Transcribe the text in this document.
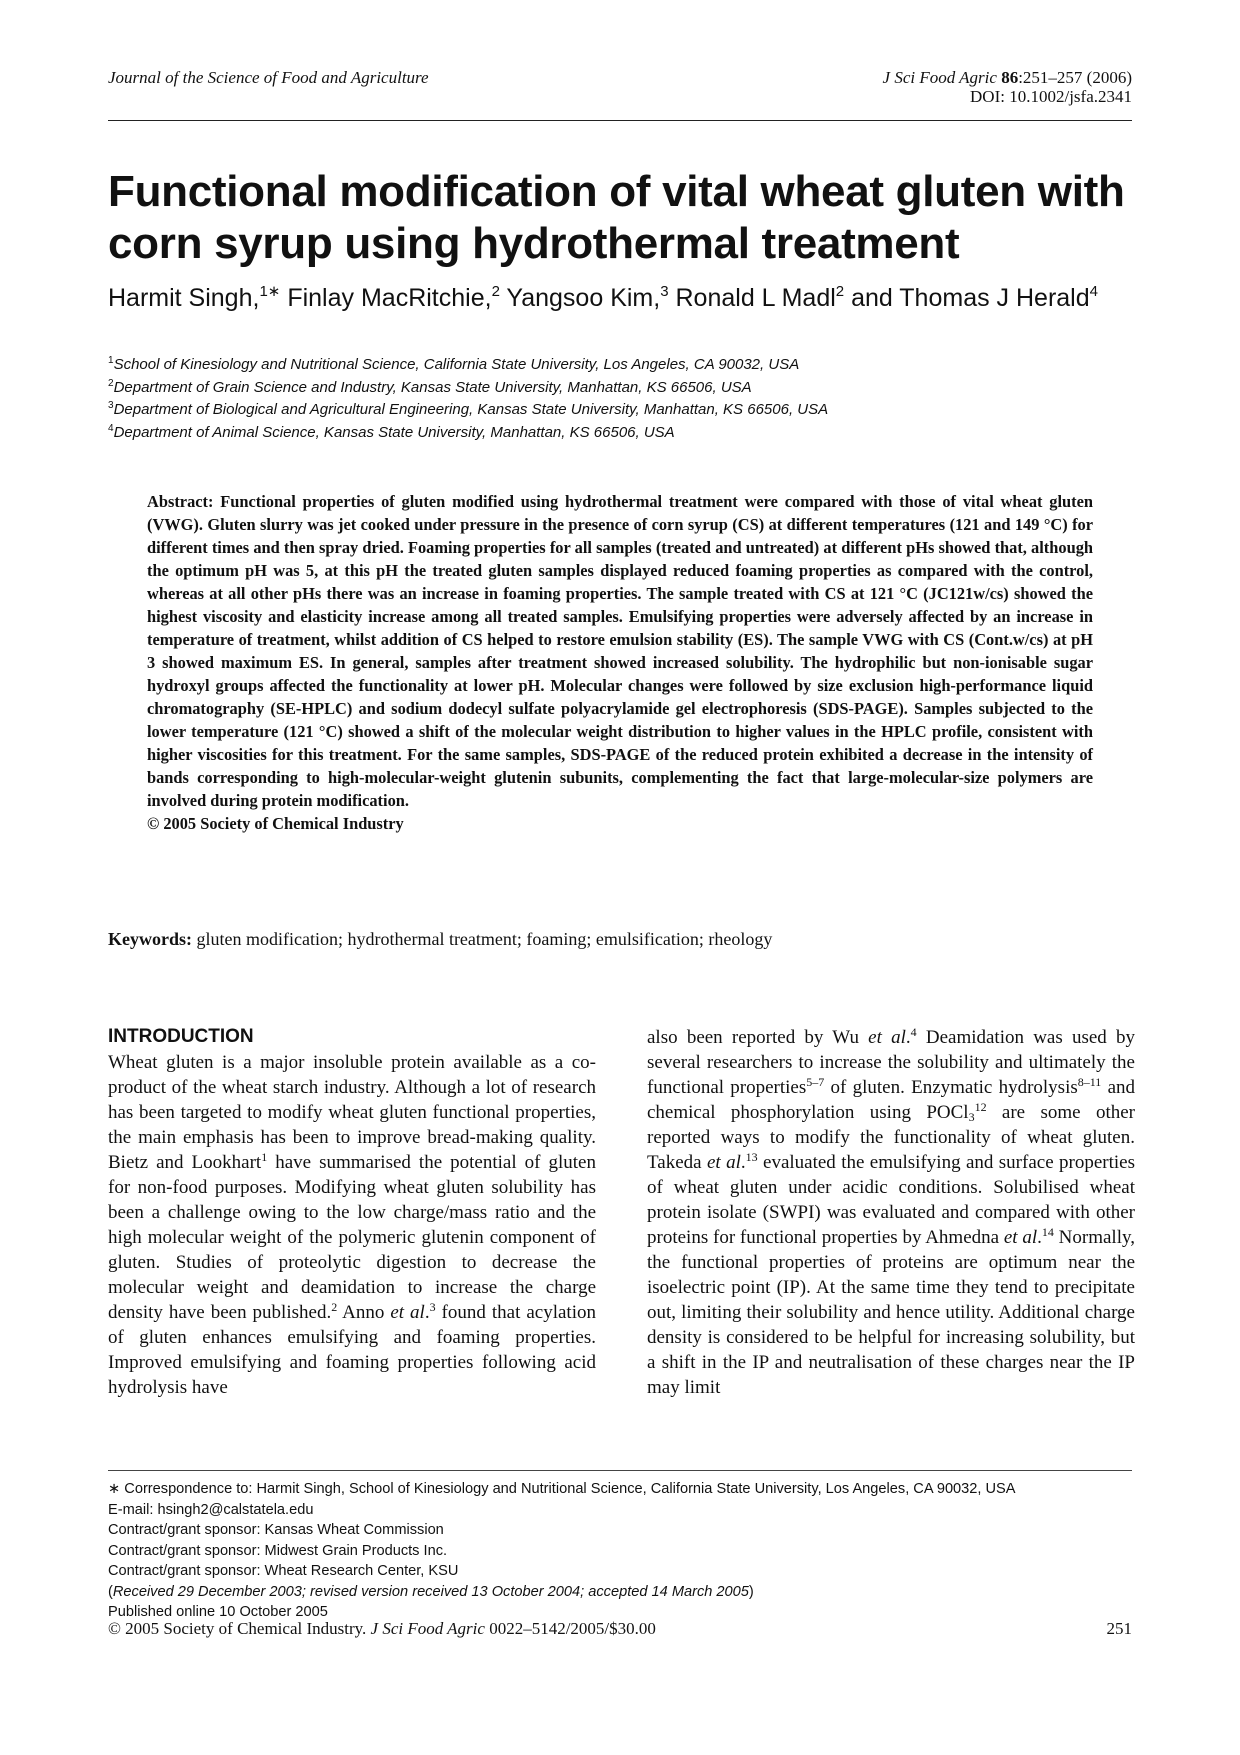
Journal of the Science of Food and Agriculture	J Sci Food Agric 86:251–257 (2006)
DOI: 10.1002/jsfa.2341
Functional modification of vital wheat gluten with corn syrup using hydrothermal treatment
Harmit Singh,$^{1∗}$ Finlay MacRitchie,$^2$ Yangsoo Kim,$^3$ Ronald L Madl$^2$ and Thomas J Herald$^4$
$^1$School of Kinesiology and Nutritional Science, California State University, Los Angeles, CA 90032, USA
$^2$Department of Grain Science and Industry, Kansas State University, Manhattan, KS 66506, USA
$^3$Department of Biological and Agricultural Engineering, Kansas State University, Manhattan, KS 66506, USA
$^4$Department of Animal Science, Kansas State University, Manhattan, KS 66506, USA
Abstract: Functional properties of gluten modified using hydrothermal treatment were compared with those of vital wheat gluten (VWG). Gluten slurry was jet cooked under pressure in the presence of corn syrup (CS) at different temperatures (121 and 149 °C) for different times and then spray dried. Foaming properties for all samples (treated and untreated) at different pHs showed that, although the optimum pH was 5, at this pH the treated gluten samples displayed reduced foaming properties as compared with the control, whereas at all other pHs there was an increase in foaming properties. The sample treated with CS at 121 °C (JC121w/cs) showed the highest viscosity and elasticity increase among all treated samples. Emulsifying properties were adversely affected by an increase in temperature of treatment, whilst addition of CS helped to restore emulsion stability (ES). The sample VWG with CS (Cont.w/cs) at pH 3 showed maximum ES. In general, samples after treatment showed increased solubility. The hydrophilic but non-ionisable sugar hydroxyl groups affected the functionality at lower pH. Molecular changes were followed by size exclusion high-performance liquid chromatography (SE-HPLC) and sodium dodecyl sulfate polyacrylamide gel electrophoresis (SDS-PAGE). Samples subjected to the lower temperature (121 °C) showed a shift of the molecular weight distribution to higher values in the HPLC profile, consistent with higher viscosities for this treatment. For the same samples, SDS-PAGE of the reduced protein exhibited a decrease in the intensity of bands corresponding to high-molecular-weight glutenin subunits, complementing the fact that large-molecular-size polymers are involved during protein modification.
© 2005 Society of Chemical Industry
Keywords: gluten modification; hydrothermal treatment; foaming; emulsification; rheology
INTRODUCTION
Wheat gluten is a major insoluble protein available as a co-product of the wheat starch industry. Although a lot of research has been targeted to modify wheat gluten functional properties, the main emphasis has been to improve bread-making quality. Bietz and Lookhart$^1$ have summarised the potential of gluten for non-food purposes. Modifying wheat gluten solubility has been a challenge owing to the low charge/mass ratio and the high molecular weight of the polymeric glutenin component of gluten. Studies of proteolytic digestion to decrease the molecular weight and deamidation to increase the charge density have been published.$^2$ Anno et al.$^3$ found that acylation of gluten enhances emulsifying and foaming properties. Improved emulsifying and foaming properties following acid hydrolysis have
also been reported by Wu et al.$^4$ Deamidation was used by several researchers to increase the solubility and ultimately the functional properties$^{5-7}$ of gluten. Enzymatic hydrolysis$^{8-11}$ and chemical phosphorylation using POCl$_3^{12}$ are some other reported ways to modify the functionality of wheat gluten. Takeda et al.$^{13}$ evaluated the emulsifying and surface properties of wheat gluten under acidic conditions. Solubilised wheat protein isolate (SWPI) was evaluated and compared with other proteins for functional properties by Ahmedna et al.$^{14}$ Normally, the functional properties of proteins are optimum near the isoelectric point (IP). At the same time they tend to precipitate out, limiting their solubility and hence utility. Additional charge density is considered to be helpful for increasing solubility, but a shift in the IP and neutralisation of these charges near the IP may limit

∗ Correspondence to: Harmit Singh, School of Kinesiology and Nutritional Science, California State University, Los Angeles, CA 90032, USA

E-mail: hsingh2@calstatela.edu

Contract/grant sponsor: Kansas Wheat Commission

Contract/grant sponsor: Midwest Grain Products Inc.

Contract/grant sponsor: Wheat Research Center, KSU

(Received 29 December 2003; revised version received 13 October 2004; accepted 14 March 2005)

Published online 10 October 2005

© 2005 Society of Chemical Industry. J Sci Food Agric 0022–5142/2005/$30.00	251
